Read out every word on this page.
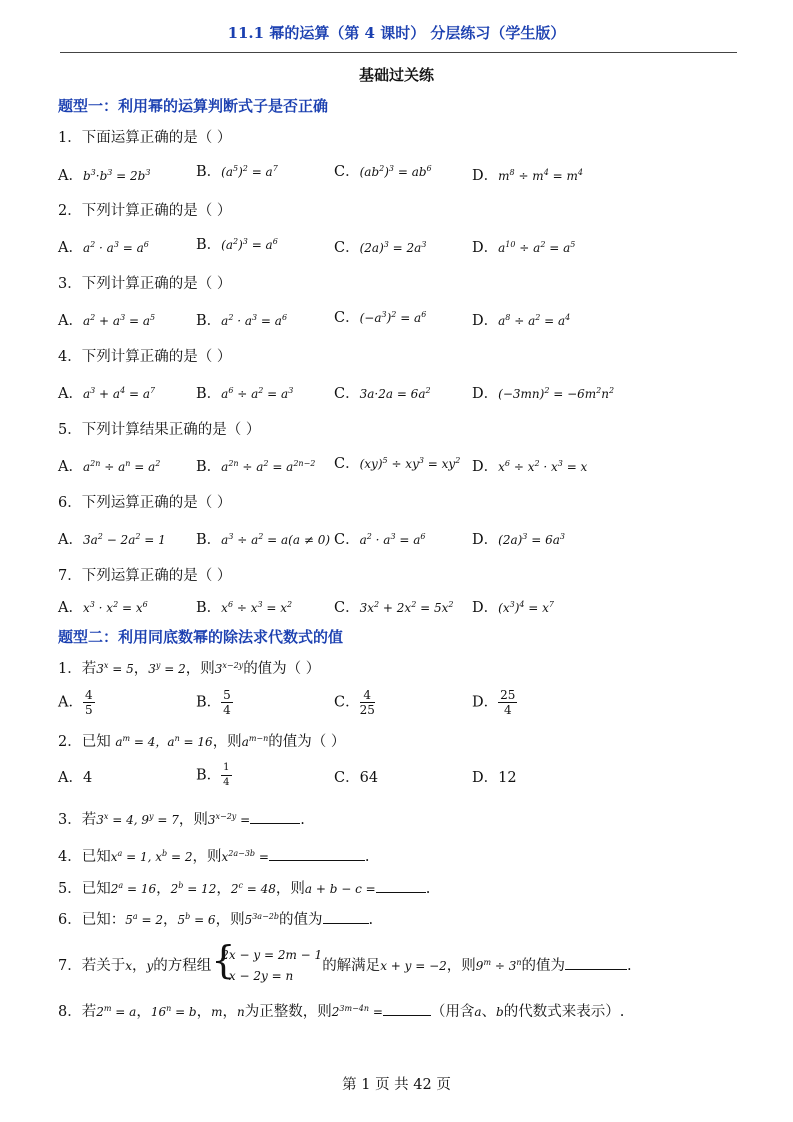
11.1 幂的运算（第 4 课时） 分层练习（学生版）
基础过关练
题型一：利用幂的运算判断式子是否正确
1．下面运算正确的是（ ）
A．$b^3\cdot b^3 = 2b^3$	B．$(a^5)^2 = a^7$	C．$(ab^2)^3 = ab^6$	D．$m^8 \div m^4 = m^4$
2．下列计算正确的是（ ）
A．$a^2 \cdot a^3 = a^6$	B．$(a^2)^3 = a^6$	C．$(2a)^3 = 2a^3$	D．$a^{10} \div a^2 = a^5$
3．下列计算正确的是（ ）
A．$a^2 + a^3 = a^5$	B．$a^2 \cdot a^3 = a^6$	C．$(-a^3)^2 = a^6$	D．$a^8 \div a^2 = a^4$
4．下列计算正确的是（ ）
A．$a^3 + a^4 = a^7$	B．$a^6 \div a^2 = a^3$	C．$3a\cdot 2a = 6a^2$	D．$(-3mn)^2 = -6m^2n^2$
5．下列计算结果正确的是（ ）
A．$a^{2n} \div a^n = a^2$ B．$a^{2n} \div a^2 = a^{2n-2}$ C．$(xy)^5 \div xy^3 = xy^2$ D．$x^6 \div x^2 \cdot x^3 = x$
6．下列运算正确的是（ ）
A．$3a^2 - 2a^2 = 1$ B．$a^3 \div a^2 = a(a \ne 0)$ C．$a^2 \cdot a^3 = a^6$	D．$(2a)^3 = 6a^3$
7．下列运算正确的是（ ）
A．$x^3 \cdot x^2 = x^6$	B．$x^6 \div x^3 = x^2$	C．$3x^2 + 2x^2 = 5x^2$ D．$(x^3)^4 = x^7$
题型二：利用同底数幂的除法求代数式的值
1．若$3^x = 5$，$3^y = 2$，则$3^{x-2y}$的值为（ ）
A． $\frac{4}{5}$	B． $\frac{5}{4}$	C． $\frac{4}{25}$	D． $\frac{25}{4}$
2．已知 $a^m = 4$，$a^n = 16$，则$a^{m-n}$的值为（ ）
A．4	B． $\frac{1}{4}$	C．64	D．12
3．若$3^x = 4$, $9^y = 7$，则$3^{x-2y}$ =	.
4．已知$x^a = 1$, $x^b = 2$，则$x^{2a-3b}$ =	.
5．已知$2^a = 16$，$2^b = 12$，$2^c = 48$，则a + b − c =	.
6．已知：$5^a = 2$，$5^b = 6$，则$5^{3a-2b}$的值为	.
7．若关于x，y的方程组 {
2x − y = 2m − 1
x − 2y = n
的解满足x + y = −2，则$9^m \div 3^n$的值为	.
8．若$2^m = a$，$16^n = b$，m，n为正整数，则$2^{3m-4n}$ =	（用含a、b的代数式来表示）.
第 1 页 共 42 页
